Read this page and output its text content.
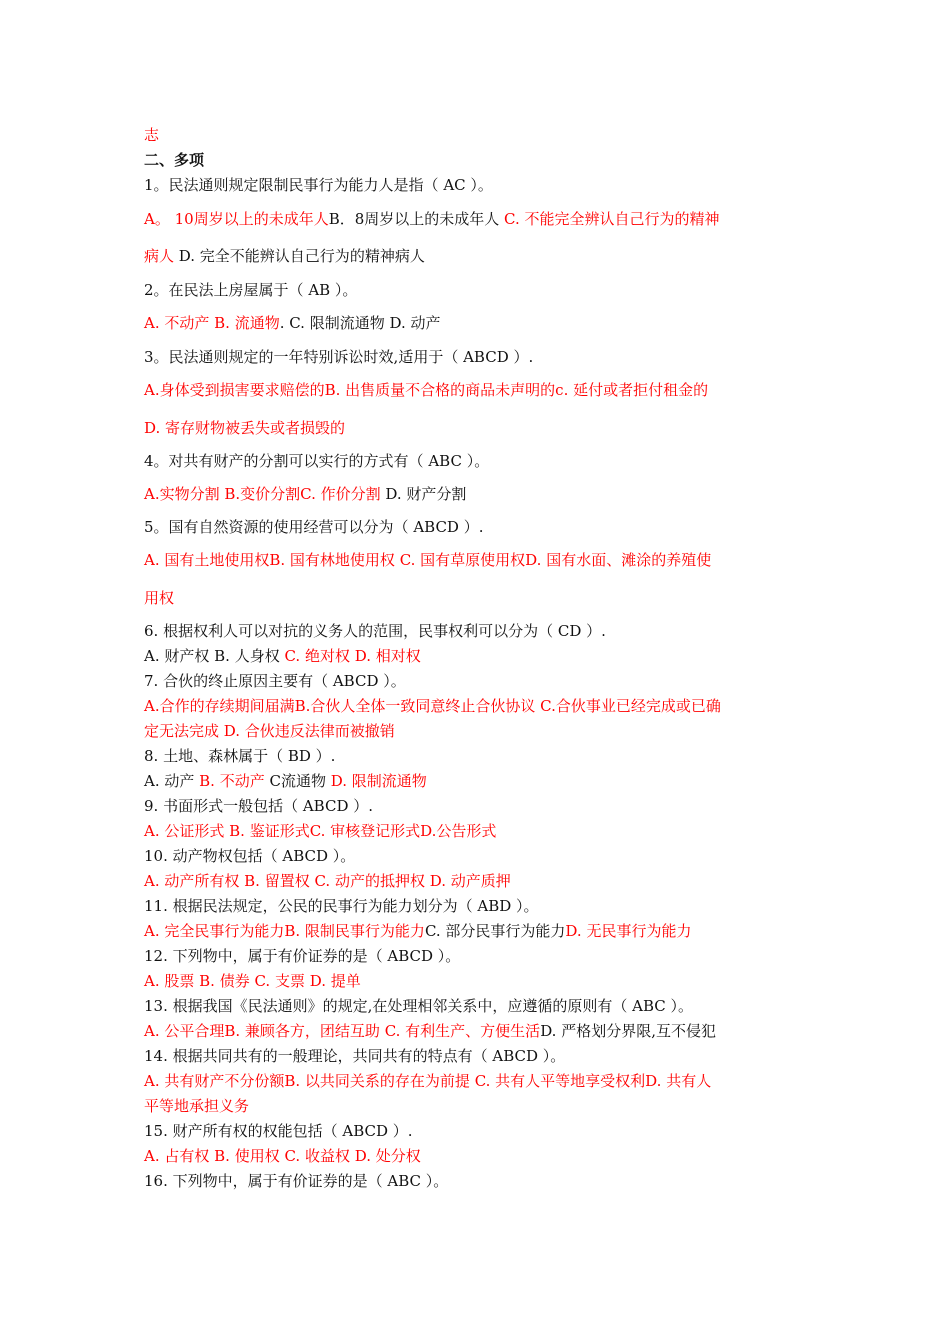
志
二、多项
1。民法通则规定限制民事行为能力人是指（ AC ）。
A。 10周岁以上的未成年人B．8周岁以上的未成年人 C. 不能完全辨认自己行为的精神
病人 D. 完全不能辨认自己行为的精神病人
2。在民法上房屋属于（ AB ）。
A. 不动产 B. 流通物. C. 限制流通物 D. 动产
3。民法通则规定的一年特别诉讼时效,适用于（ ABCD ）.
A.身体受到损害要求赔偿的B. 出售质量不合格的商品未声明的c. 延付或者拒付租金的
D. 寄存财物被丢失或者损毁的
4。对共有财产的分割可以实行的方式有（ ABC ）。
A.实物分割 B.变价分割C. 作价分割 D. 财产分割
5。国有自然资源的使用经营可以分为（ ABCD ）.
A. 国有土地使用权B. 国有林地使用权 C. 国有草原使用权D. 国有水面、滩涂的养殖使
用权
6. 根据权利人可以对抗的义务人的范围，民事权利可以分为（ CD ）.
A. 财产权 B. 人身权 C. 绝对权 D. 相对权
7. 合伙的终止原因主要有（ ABCD ）。
A.合作的存续期间届满B.合伙人全体一致同意终止合伙协议 C.合伙事业已经完成或已确
定无法完成 D. 合伙违反法律而被撤销
8. 土地、森林属于（ BD ）.
A. 动产 B. 不动产 C流通物 D. 限制流通物
9. 书面形式一般包括（ ABCD ）.
A. 公证形式 B. 鉴证形式C. 审核登记形式D.公告形式
10. 动产物权包括（ ABCD ）。
A. 动产所有权 B. 留置权 C. 动产的抵押权 D. 动产质押
11. 根据民法规定，公民的民事行为能力划分为（ ABD ）。
A. 完全民事行为能力B. 限制民事行为能力C. 部分民事行为能力D. 无民事行为能力
12. 下列物中，属于有价证券的是（ ABCD ）。
A. 股票 B. 债券 C. 支票 D. 提单
13. 根据我国《民法通则》的规定,在处理相邻关系中，应遵循的原则有（ ABC ）。
A. 公平合理B. 兼顾各方，团结互助 C. 有利生产、方便生活D. 严格划分界限,互不侵犯
14. 根据共同共有的一般理论，共同共有的特点有（ ABCD ）。
A. 共有财产不分份额B. 以共同关系的存在为前提 C. 共有人平等地享受权利D. 共有人
平等地承担义务
15. 财产所有权的权能包括（ ABCD ）.
A. 占有权 B. 使用权 C. 收益权 D. 处分权
16. 下列物中，属于有价证券的是（ ABC ）。
